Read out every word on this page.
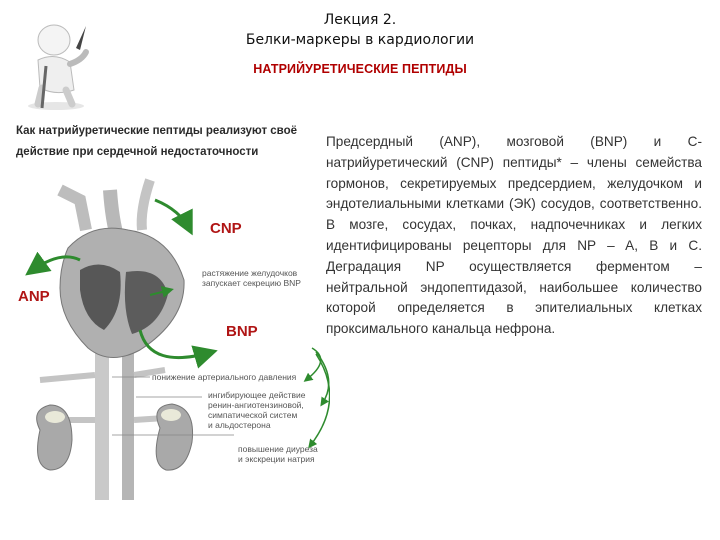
Лекция 2.
Белки-маркеры в кардиологии
НАТРИЙУРЕТИЧЕСКИЕ ПЕПТИДЫ
Как натрийуретические пептиды реализуют своё
действие при сердечной недостаточности
Предсердный (ANP), мозговой (BNP) и С-натрийуретический (CNP) пептиды* – члены семейства гормонов, секретируемых предсердием, желудочком и эндотелиальными клетками (ЭК) сосудов, соответственно. В мозге, сосудах, почках, надпочечниках и легких идентифицированы рецепторы для NP – A, B и C. Деградация NP осуществляется ферментом – нейтральной эндопептидазой, наибольшее количество которой определяется в эпителиальных клетках проксимального канальца нефрона.
CNP
ANP
BNP
растяжение желудочков
запускает секрецию BNP
понижение артериального давления
ингибирующее действие
ренин-ангиотензиновой,
симпатической систем
и альдостерона
повышение диуреза
и экскреции натрия
